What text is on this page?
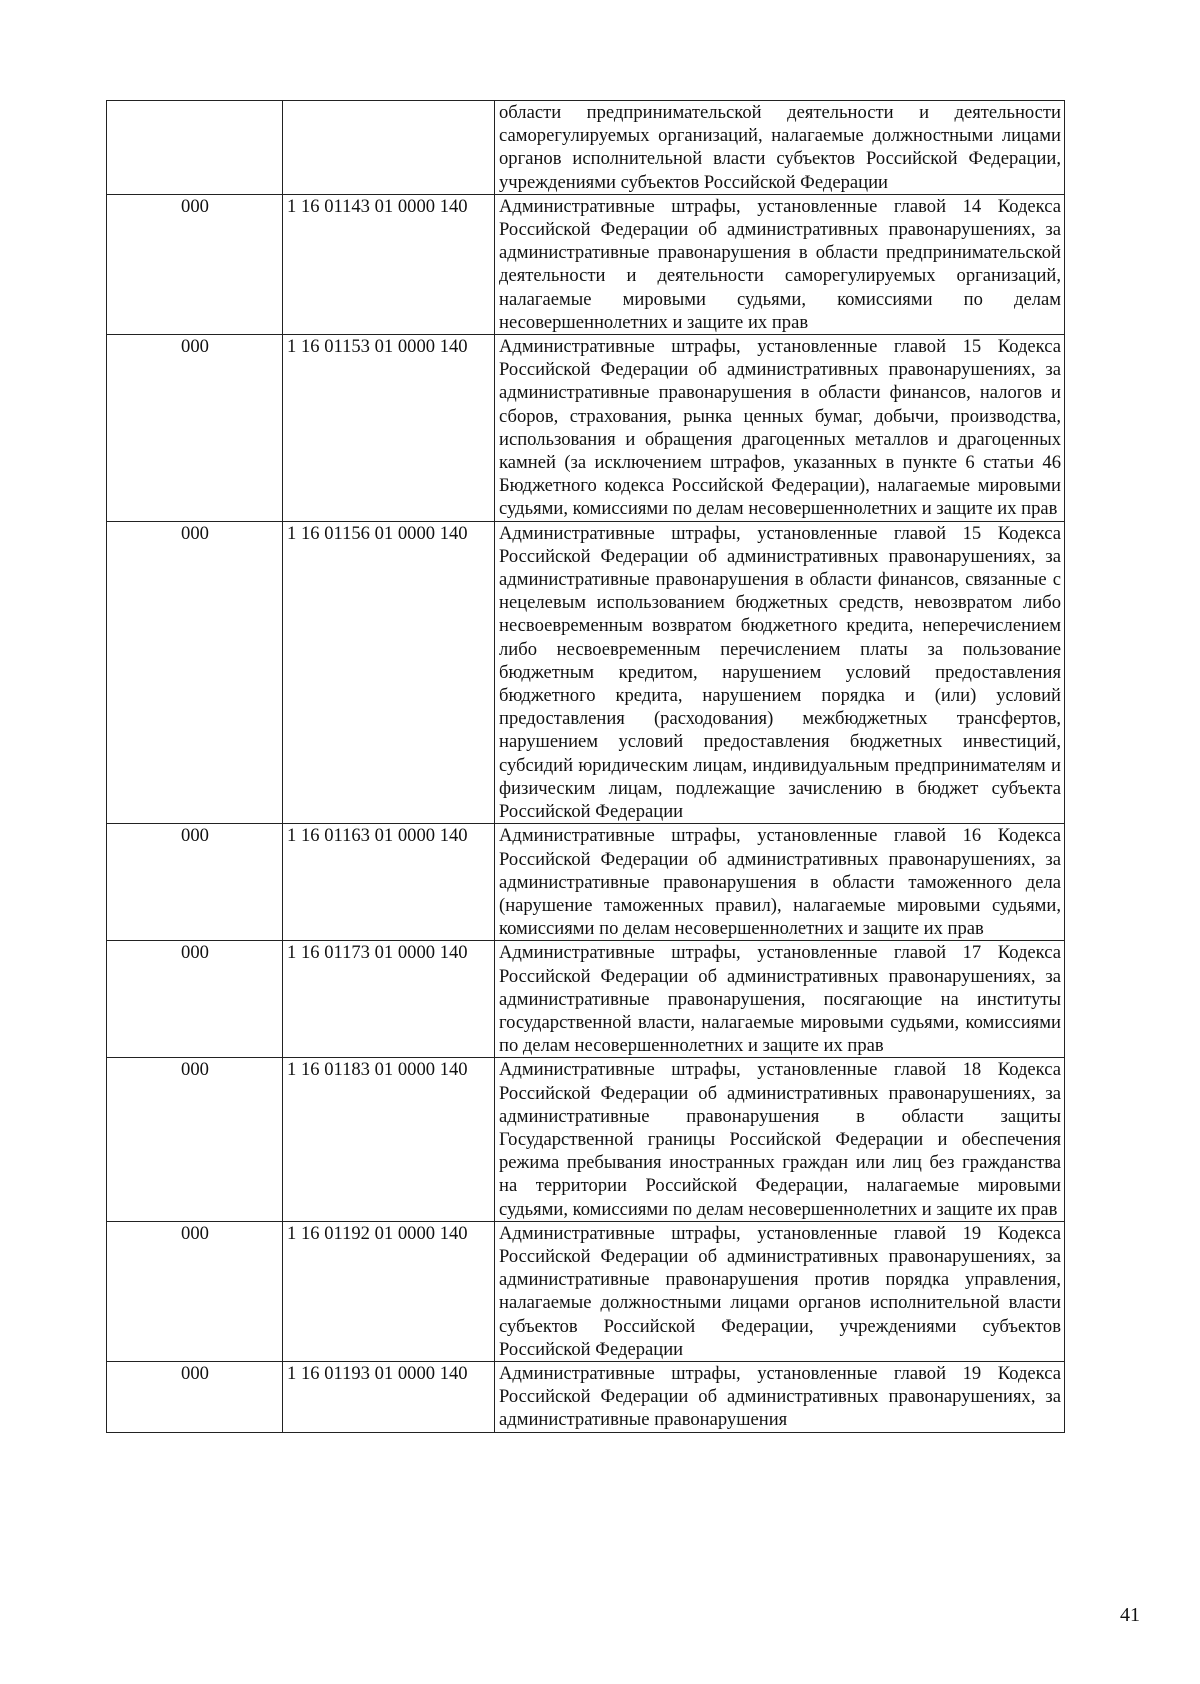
		области предпринимательской деятельности и деятельности саморегулируемых организаций, налагаемые должностными лицами органов исполнительной власти субъектов Российской Федерации, учреждениями субъектов Российской Федерации
000	1 16 01143 01 0000 140	Административные штрафы, установленные главой 14 Кодекса Российской Федерации об административных правонарушениях, за административные правонарушения в области предпринимательской деятельности и деятельности саморегулируемых организаций, налагаемые мировыми судьями, комиссиями по делам несовершеннолетних и защите их прав
000	1 16 01153 01 0000 140	Административные штрафы, установленные главой 15 Кодекса Российской Федерации об административных правонарушениях, за административные правонарушения в области финансов, налогов и сборов, страхования, рынка ценных бумаг, добычи, производства, использования и обращения драгоценных металлов и драгоценных камней (за исключением штрафов, указанных в пункте 6 статьи 46 Бюджетного кодекса Российской Федерации), налагаемые мировыми судьями, комиссиями по делам несовершеннолетних и защите их прав
000	1 16 01156 01 0000 140	Административные штрафы, установленные главой 15 Кодекса Российской Федерации об административных правонарушениях, за административные правонарушения в области финансов, связанные с нецелевым использованием бюджетных средств, невозвратом либо несвоевременным возвратом бюджетного кредита, неперечислением либо несвоевременным перечислением платы за пользование бюджетным кредитом, нарушением условий предоставления бюджетного кредита, нарушением порядка и (или) условий предоставления (расходования) межбюджетных трансфертов, нарушением условий предоставления бюджетных инвестиций, субсидий юридическим лицам, индивидуальным предпринимателям и физическим лицам, подлежащие зачислению в бюджет субъекта Российской Федерации
000	1 16 01163 01 0000 140	Административные штрафы, установленные главой 16 Кодекса Российской Федерации об административных правонарушениях, за административные правонарушения в области таможенного дела (нарушение таможенных правил), налагаемые мировыми судьями, комиссиями по делам несовершеннолетних и защите их прав
000	1 16 01173 01 0000 140	Административные штрафы, установленные главой 17 Кодекса Российской Федерации об административных правонарушениях, за административные правонарушения, посягающие на институты государственной власти, налагаемые мировыми судьями, комиссиями по делам несовершеннолетних и защите их прав
000	1 16 01183 01 0000 140	Административные штрафы, установленные главой 18 Кодекса Российской Федерации об административных правонарушениях, за административные правонарушения в области защиты Государственной границы Российской Федерации и обеспечения режима пребывания иностранных граждан или лиц без гражданства на территории Российской Федерации, налагаемые мировыми судьями, комиссиями по делам несовершеннолетних и защите их прав
000	1 16 01192 01 0000 140	Административные штрафы, установленные главой 19 Кодекса Российской Федерации об административных правонарушениях, за административные правонарушения против порядка управления, налагаемые должностными лицами органов исполнительной власти субъектов Российской Федерации, учреждениями субъектов Российской Федерации
000	1 16 01193 01 0000 140	Административные штрафы, установленные главой 19 Кодекса Российской Федерации об административных правонарушениях, за административные правонарушения
41
